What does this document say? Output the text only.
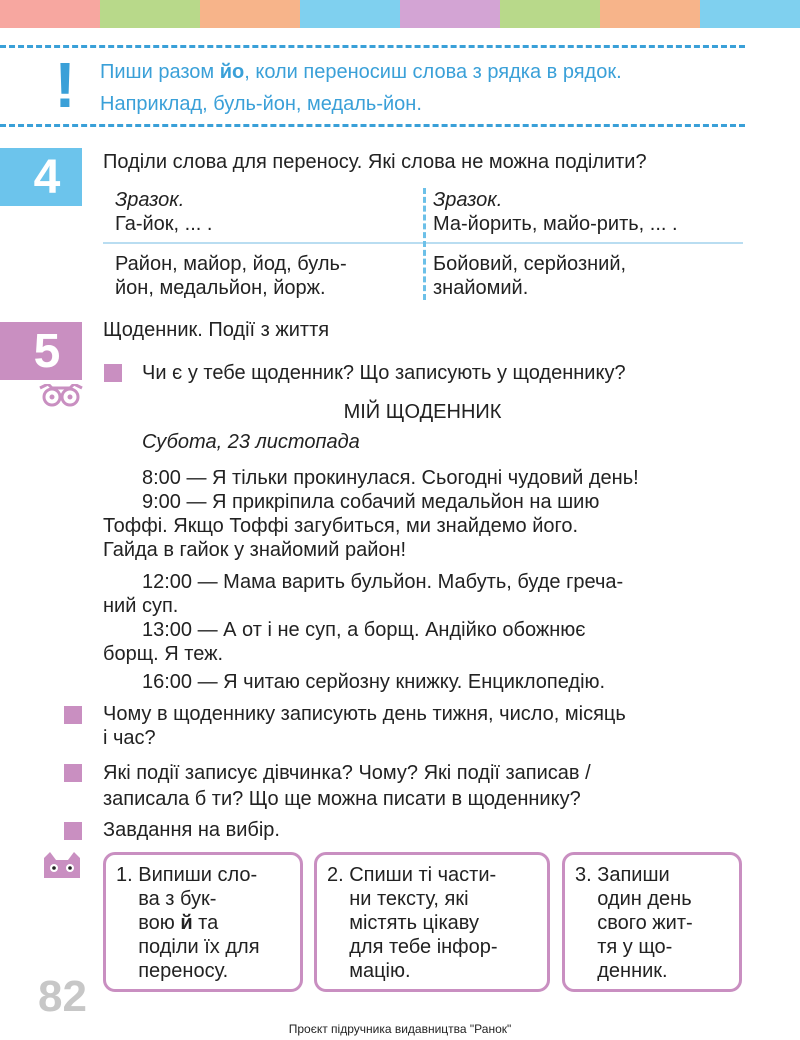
! Пиши разом йо, коли переносиш слова з рядка в рядок.
Наприклад, буль-йон, медаль-йон.
4 Поділи слова для переносу. Які слова не можна поділити?
Зразок.
Га-йок, ... .
Зразок.
Ма-йорить, майо-рить, ... .
Район, майор, йод, буль-
йон, медальйон, йорж.
Бойовий, серйозний,
знайомий.
5 Щоденник. Події з життя
Чи є у тебе щоденник? Що записують у щоденнику?
МІЙ ЩОДЕННИК
Субота, 23 листопада
8:00 — Я тільки прокинулася. Сьогодні чудовий день!
9:00 — Я прикріпила собачий медальйон на шию
Тоффі. Якщо Тоффі загубиться, ми знайдемо його.
Гайда в гайок у знайомий район!
12:00 — Мама варить бульйон. Мабуть, буде греча-
ний суп.
13:00 — А от і не суп, а борщ. Андійко обожнює
борщ. Я теж.
16:00 — Я читаю серйозну книжку. Енциклопедію.
Чому в щоденнику записують день тижня, число, місяць
і час?
Які події записує дівчинка? Чому? Які події записав /
записала б ти? Що ще можна писати в щоденнику?
Завдання на вибір.
1. Випиши сло-
ва з бук-
вою й та
поділи їх для
переносу.
2. Спиши ті части-
ни тексту, які
містять цікаву
для тебе інфор-
мацію.
3. Запиши
один день
свого жит-
тя у що-
денник.
82
Проєкт підручника видавництва "Ранок"
